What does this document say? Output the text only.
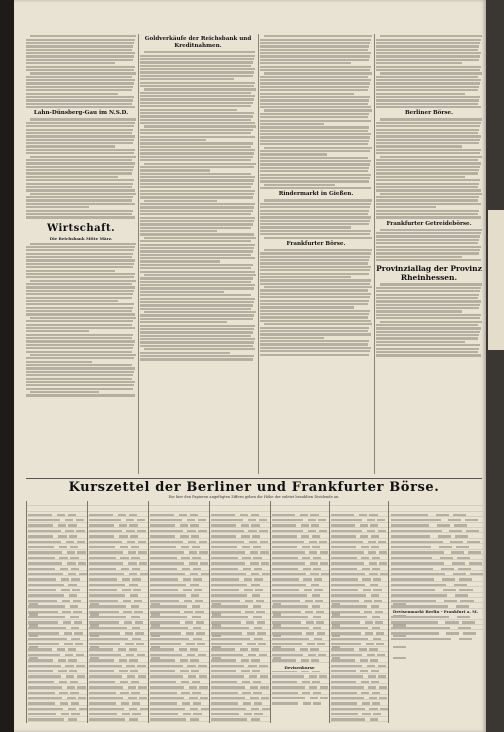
Lahn-Dünsberg-Gau im N.S.D.
Wirtschaft.
Die Reichsbank Mitte März.
Goldverkäufe der Reichsbank und Kreditnahmen.
Rindermarkt in Gießen.
Frankfurter Börse.
Berliner Börse.
Frankfurter Getreidebörse.
Provinziallag der Provinz Rheinhessen.
Kurszettel der Berliner und Frankfurter Börse.
Die hier den Papieren angefügten Ziffern geben die Höhe der zuletzt bezahlten Dividende an.
Devisenkurse
Devisenmarkt Berlin - Frankfurt a. M.
